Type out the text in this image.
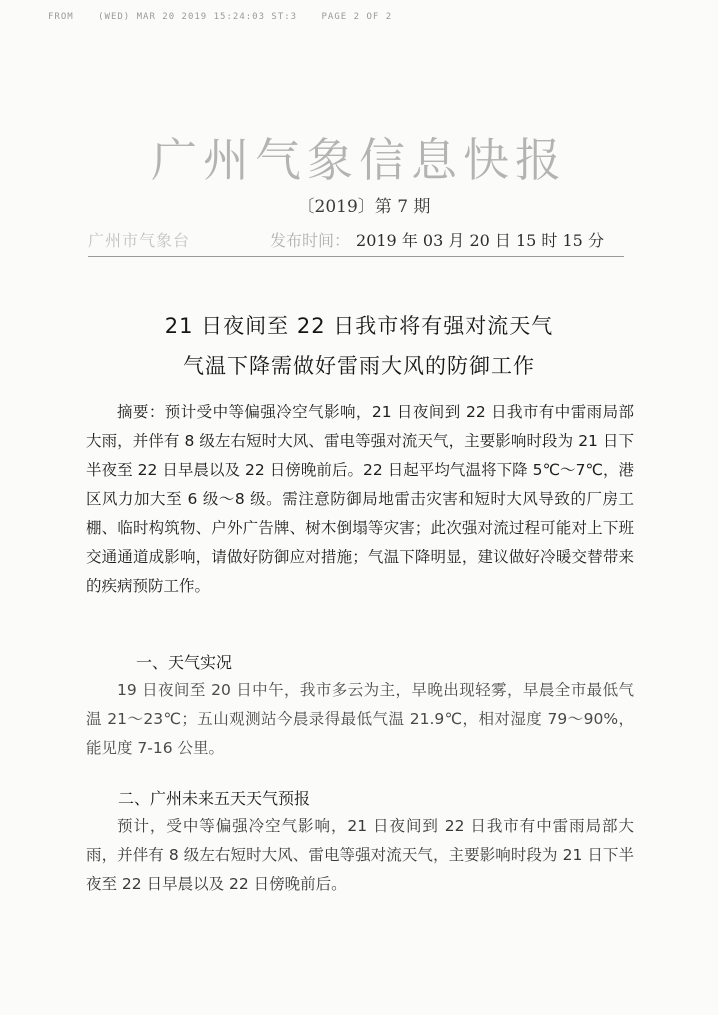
FROM	(WED) MAR 20 2019 15:24:03 ST:3	PAGE 2 OF 2
广州气象信息快报
〔2019〕第 7 期
广州市气象台	发布时间： 2019 年 03 月 20 日 15 时 15 分
21 日夜间至 22 日我市将有强对流天气
气温下降需做好雷雨大风的防御工作

摘要：预计受中等偏强冷空气影响，21 日夜间到 22 日我市有中雷雨局部大雨，并伴有 8 级左右短时大风、雷电等强对流天气，主要影响时段为 21 日下半夜至 22 日早晨以及 22 日傍晚前后。22 日起平均气温将下降 5℃～7℃，港区风力加大至 6 级～8 级。需注意防御局地雷击灾害和短时大风导致的厂房工棚、临时构筑物、户外广告牌、树木倒塌等灾害；此次强对流过程可能对上下班交通通道成影响，请做好防御应对措施；气温下降明显，建议做好冷暖交替带来的疾病预防工作。

一、天气实况

19 日夜间至 20 日中午，我市多云为主，早晚出现轻雾，早晨全市最低气温 21～23℃；五山观测站今晨录得最低气温 21.9℃，相对湿度 79～90%，能见度 7-16 公里。

二、广州未来五天天气预报

预计，受中等偏强冷空气影响，21 日夜间到 22 日我市有中雷雨局部大雨，并伴有 8 级左右短时大风、雷电等强对流天气，主要影响时段为 21 日下半夜至 22 日早晨以及 22 日傍晚前后。
